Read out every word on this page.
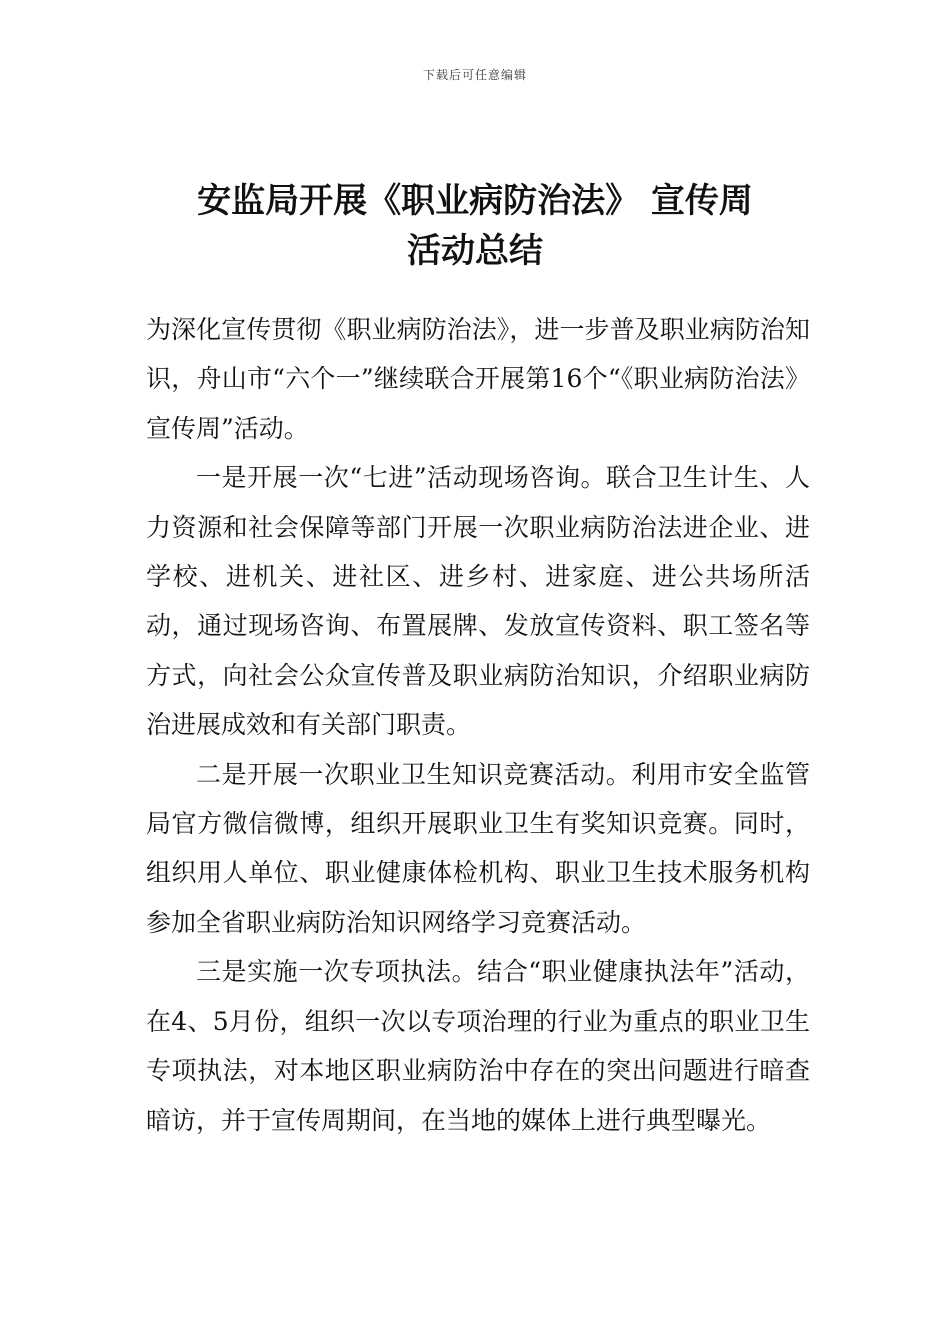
下载后可任意编辑
安监局开展《职业病防治法》 宣传周
活动总结

为深化宣传贯彻《职业病防治法》，进一步普及职业病防治知识，舟山市“六个一”继续联合开展第16个“《职业病防治法》宣传周”活动。

一是开展一次“七进”活动现场咨询。联合卫生计生、人力资源和社会保障等部门开展一次职业病防治法进企业、进学校、进机关、进社区、进乡村、进家庭、进公共场所活动，通过现场咨询、布置展牌、发放宣传资料、职工签名等方式，向社会公众宣传普及职业病防治知识，介绍职业病防治进展成效和有关部门职责。

二是开展一次职业卫生知识竞赛活动。利用市安全监管局官方微信微博，组织开展职业卫生有奖知识竞赛。同时，组织用人单位、职业健康体检机构、职业卫生技术服务机构参加全省职业病防治知识网络学习竞赛活动。

三是实施一次专项执法。结合“职业健康执法年”活动，在4、5月份，组织一次以专项治理的行业为重点的职业卫生专项执法，对本地区职业病防治中存在的突出问题进行暗查暗访，并于宣传周期间，在当地的媒体上进行典型曝光。
